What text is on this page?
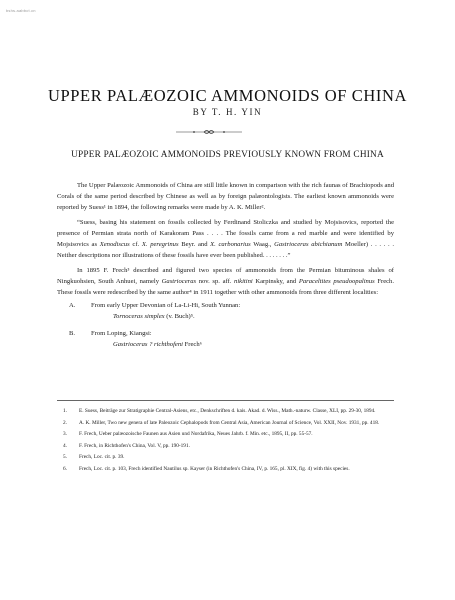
bshs.aabbct.cn
UPPER PALÆOZOIC AMMONOIDS OF CHINA
BY T. H. YIN
UPPER PALÆOZOIC AMMONOIDS PREVIOUSLY KNOWN FROM CHINA

The Upper Palæozoic Ammonoids of China are still little known in comparison with the rich faunas of Brachiopods and Corals of the same period described by Chinese as well as by foreign palæontologists. The earliest known ammonoids were reported by Suess¹ in 1894, the following remarks were made by A. K. Miller².

“Suess, basing his statement on fossils collected by Ferdinand Stoliczka and studied by Mojsisovics, reported the presence of Permian strata north of Karakoram Pass . . . . The fossils came from a red marble and were identified by Mojsisovics as Xenodiscus cf. X. peregrinus Beyr. and X. carbonarius Waag., Gastrioceras abichianum Moeller) . . . . . . Neither descriptions nor illustrations of these fossils have ever been published. . . . . . . .”

In 1895 F. Frech³ described and figured two species of ammonoids from the Permian bituminous shales of Ningkuohsien, South Anhuei, namely Gastrioceras nov. sp. aff. nikitini Karpinsky, and Paraceltites pseudoopalinus Frech. These fossils were redescribed by the same author⁴ in 1911 together with other ammonoids from three different localities:

A. From early Upper Devonian of La-Li-Hi, South Yunnan:
Tornoceras simplex (v. Buch)⁵.

B. From Loping, Kiangsi:
Gastrioceras ? richthofeni Frech⁶

1.	E. Suess, Beiträge zur Stratigraphie Central-Asiens, etc., Denkschriften d. kais. Akad. d. Wiss., Math.-naturw. Classe, XLI, pp. 29-30, 1894.
2.	A. K. Miller, Two new genera of late Paleozoic Cephalopods from Central Asia, American Journal of Science, Vol. XXII, Nov. 1931, pp. 418.
3.	F. Frech, Ueber palæozoische Faunen aus Asien und Nordafrika, Neues Jahrb. f. Min. etc., 1895, II, pp. 55-57.
4.	F. Frech, in Richthofen's China, Vol. V, pp. 190-191.
5.	Frech, Loc. cit. p. 39.
6.	Frech, Loc. cit. p. 103, Frech identified Nautilus sp. Kayser (in Richthofen's China, IV, p. 165, pl. XIX, fig. 4) with this species.
